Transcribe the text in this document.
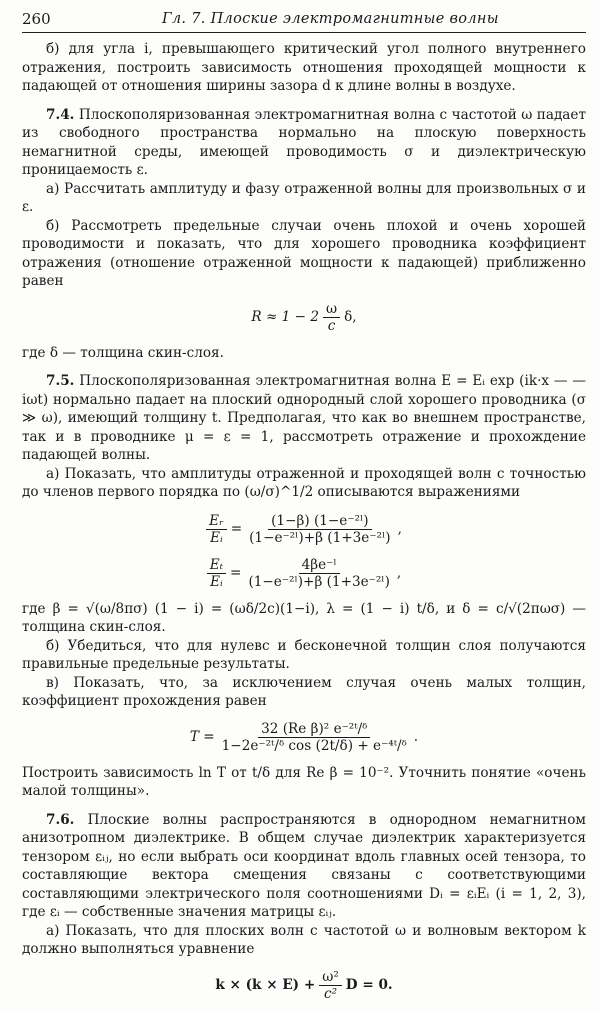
260	Гл. 7. Плоские электромагнитные волны

б) для угла i, превышающего критический угол полного внутреннего отражения, построить зависимость отношения проходящей мощности к падающей от отношения ширины зазора d к длине волны в воздухе.

7.4. Плоскополяризованная электромагнитная волна с частотой ω падает из свободного пространства нормально на плоскую поверхность немагнитной среды, имеющей проводимость σ и диэлектрическую проницаемость ε.

а) Рассчитать амплитуду и фазу отраженной волны для произвольных σ и ε.

б) Рассмотреть предельные случаи очень плохой и очень хорошей проводимости и показать, что для хорошего проводника коэффициент отражения (отношение отраженной мощности к падающей) приближенно равен

$R \approx 1 - 2 \frac{\omega}{c} \delta$,

где δ — толщина скин-слоя.

7.5. Плоскополяризованная электромагнитная волна E = Eᵢ exp (ik·x — — iωt) нормально падает на плоский однородный слой хорошего проводника (σ ≫ ω), имеющий толщину t. Предполагая, что как во внешнем пространстве, так и в проводнике μ = ε = 1, рассмотреть отражение и прохождение падающей волны.

а) Показать, что амплитуды отраженной и проходящей волн с точностью до членов первого порядка по (ω/σ)^1/2 описываются выражениями

$\frac{\text{Eᵣ}}{\text{Eᵢ}} = \frac{\text{(1−β) (1−e⁻²ˡ)}}{\text{(1−e⁻²ˡ)+β (1+3e⁻²ˡ)}}$ ,
$\frac{\text{Eₜ}}{\text{Eᵢ}} = \frac{\text{4βe⁻ˡ}}{\text{(1−e⁻²ˡ)+β (1+3e⁻²ˡ)}}$ ,

где β = √(ω/8πσ) (1 − i) = (ωδ/2c)(1−i), λ = (1 − i) t/δ, и δ = c/√(2πωσ) — толщина скин-слоя.

б) Убедиться, что для нулевс и бесконечной толщин слоя получаются правильные предельные результаты.

в) Показать, что, за исключением случая очень малых толщин, коэффициент прохождения равен

$T = \frac{\text{32 (Re β)² e⁻²ᵗ/ᵟ}}{\text{1−2e⁻²ᵗ/ᵟ cos (2t/δ) + e⁻⁴ᵗ/ᵟ}}$ .

Построить зависимость ln T от t/δ для Re β = 10⁻². Уточнить понятие «очень малой толщины».

7.6. Плоские волны распространяются в однородном немагнитном анизотропном диэлектрике. В общем случае диэлектрик характеризуется тензором εᵢⱼ, но если выбрать оси координат вдоль главных осей тензора, то составляющие вектора смещения связаны с соответствующими составляющими электрического поля соотношениями Dᵢ = εᵢEᵢ (i = 1, 2, 3), где εᵢ — собственные значения матрицы εᵢⱼ.

а) Показать, что для плоских волн с частотой ω и волновым вектором k должно выполняться уравнение

$k \times (k \times E) + \frac{\text{ω²}}{\text{c²}}$ D = 0.
